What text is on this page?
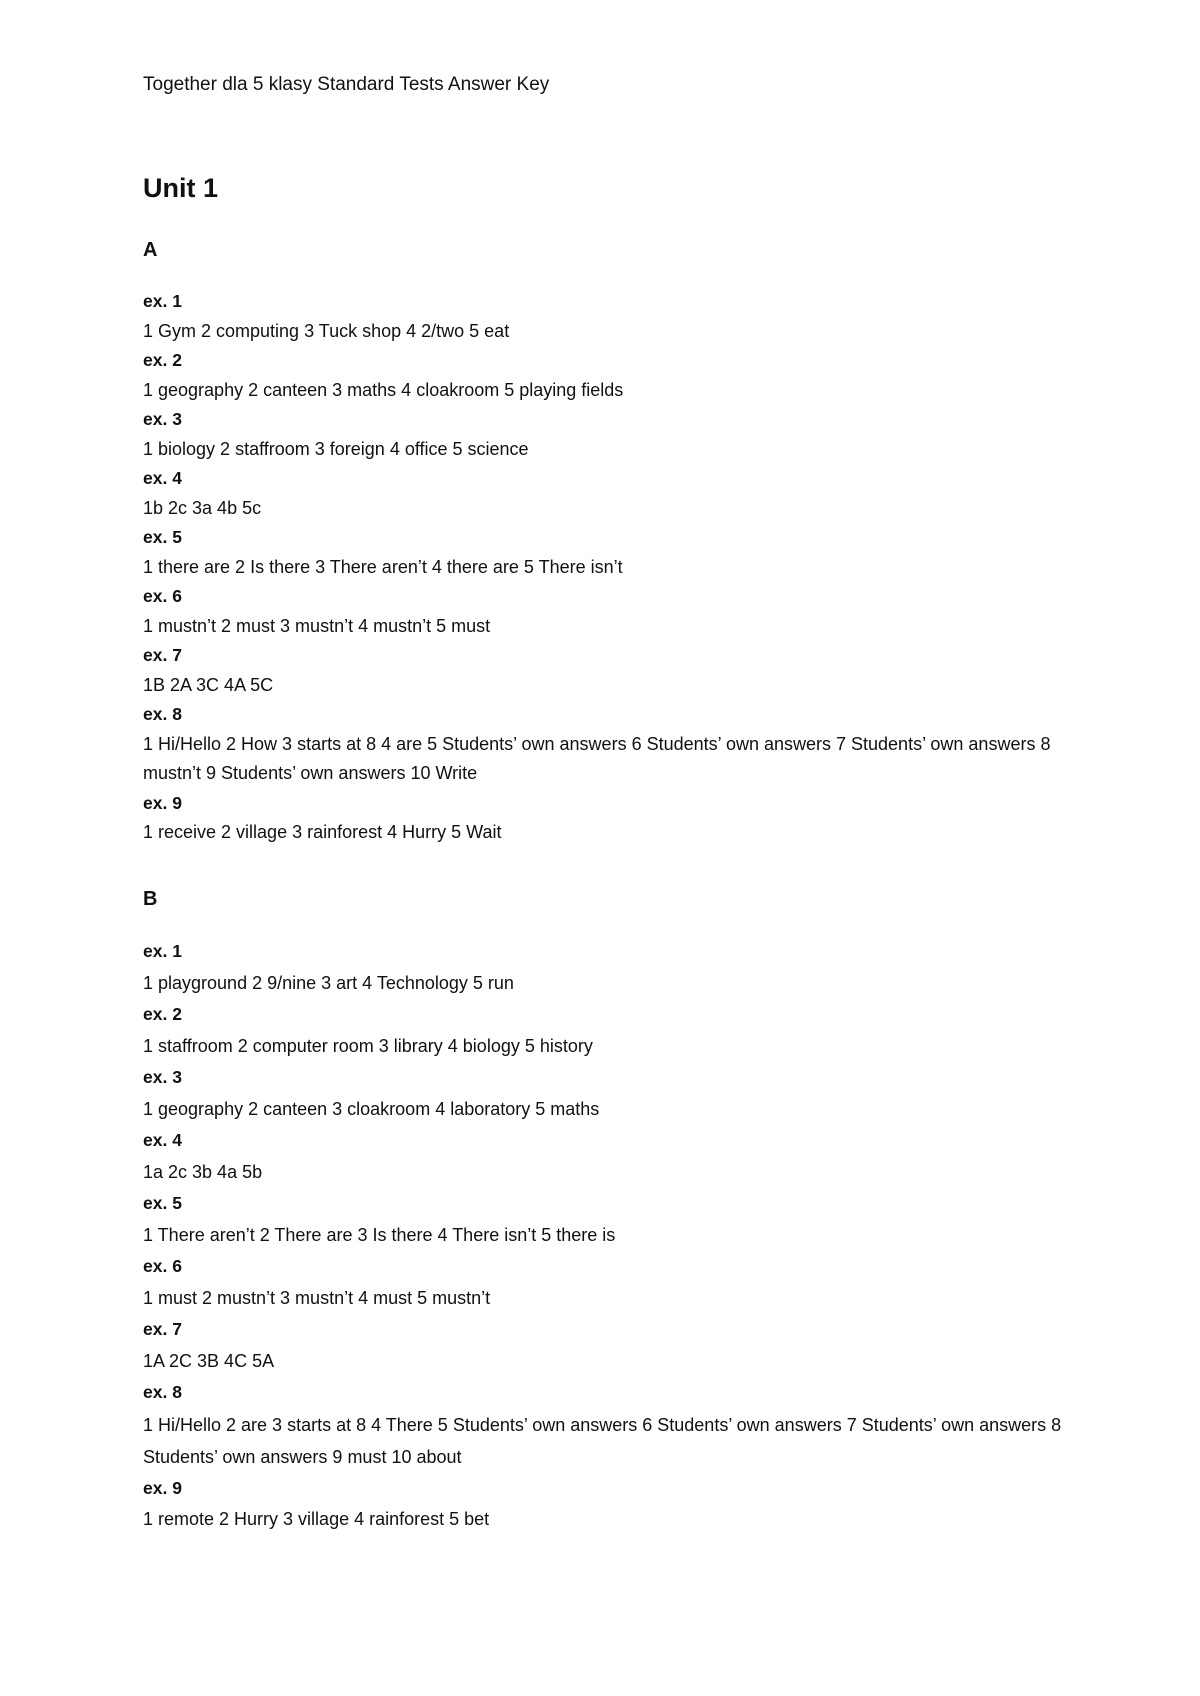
Together dla 5 klasy Standard Tests Answer Key

Unit 1
A
ex. 1
1 Gym 2 computing 3 Tuck shop 4 2/two 5 eat
ex. 2
1 geography 2 canteen 3 maths 4 cloakroom 5 playing fields
ex. 3
1 biology 2 staffroom 3 foreign 4 office 5 science
ex. 4
1b 2c 3a 4b 5c
ex. 5
1 there are 2 Is there 3 There aren’t 4 there are 5 There isn’t
ex. 6
1 mustn’t 2 must 3 mustn’t 4 mustn’t 5 must
ex. 7
1B 2A 3C 4A 5C
ex. 8
1 Hi/Hello 2 How 3 starts at 8 4 are 5 Students’ own answers 6 Students’ own answers 7 Students’ own answers 8 mustn’t 9 Students’ own answers 10 Write
ex. 9
1 receive 2 village 3 rainforest 4 Hurry 5 Wait
B
ex. 1
1 playground 2 9/nine 3 art 4 Technology 5 run
ex. 2
1 staffroom 2 computer room 3 library 4 biology 5 history
ex. 3
1 geography 2 canteen 3 cloakroom 4 laboratory 5 maths
ex. 4
1a 2c 3b 4a 5b
ex. 5
1 There aren’t 2 There are 3 Is there 4 There isn’t 5 there is
ex. 6
1 must 2 mustn’t 3 mustn’t 4 must 5 mustn’t
ex. 7
1A 2C 3B 4C 5A
ex. 8
1 Hi/Hello 2 are 3 starts at 8 4 There 5 Students’ own answers 6 Students’ own answers 7 Students’ own answers 8 Students’ own answers 9 must 10 about
ex. 9
1 remote 2 Hurry 3 village 4 rainforest 5 bet
